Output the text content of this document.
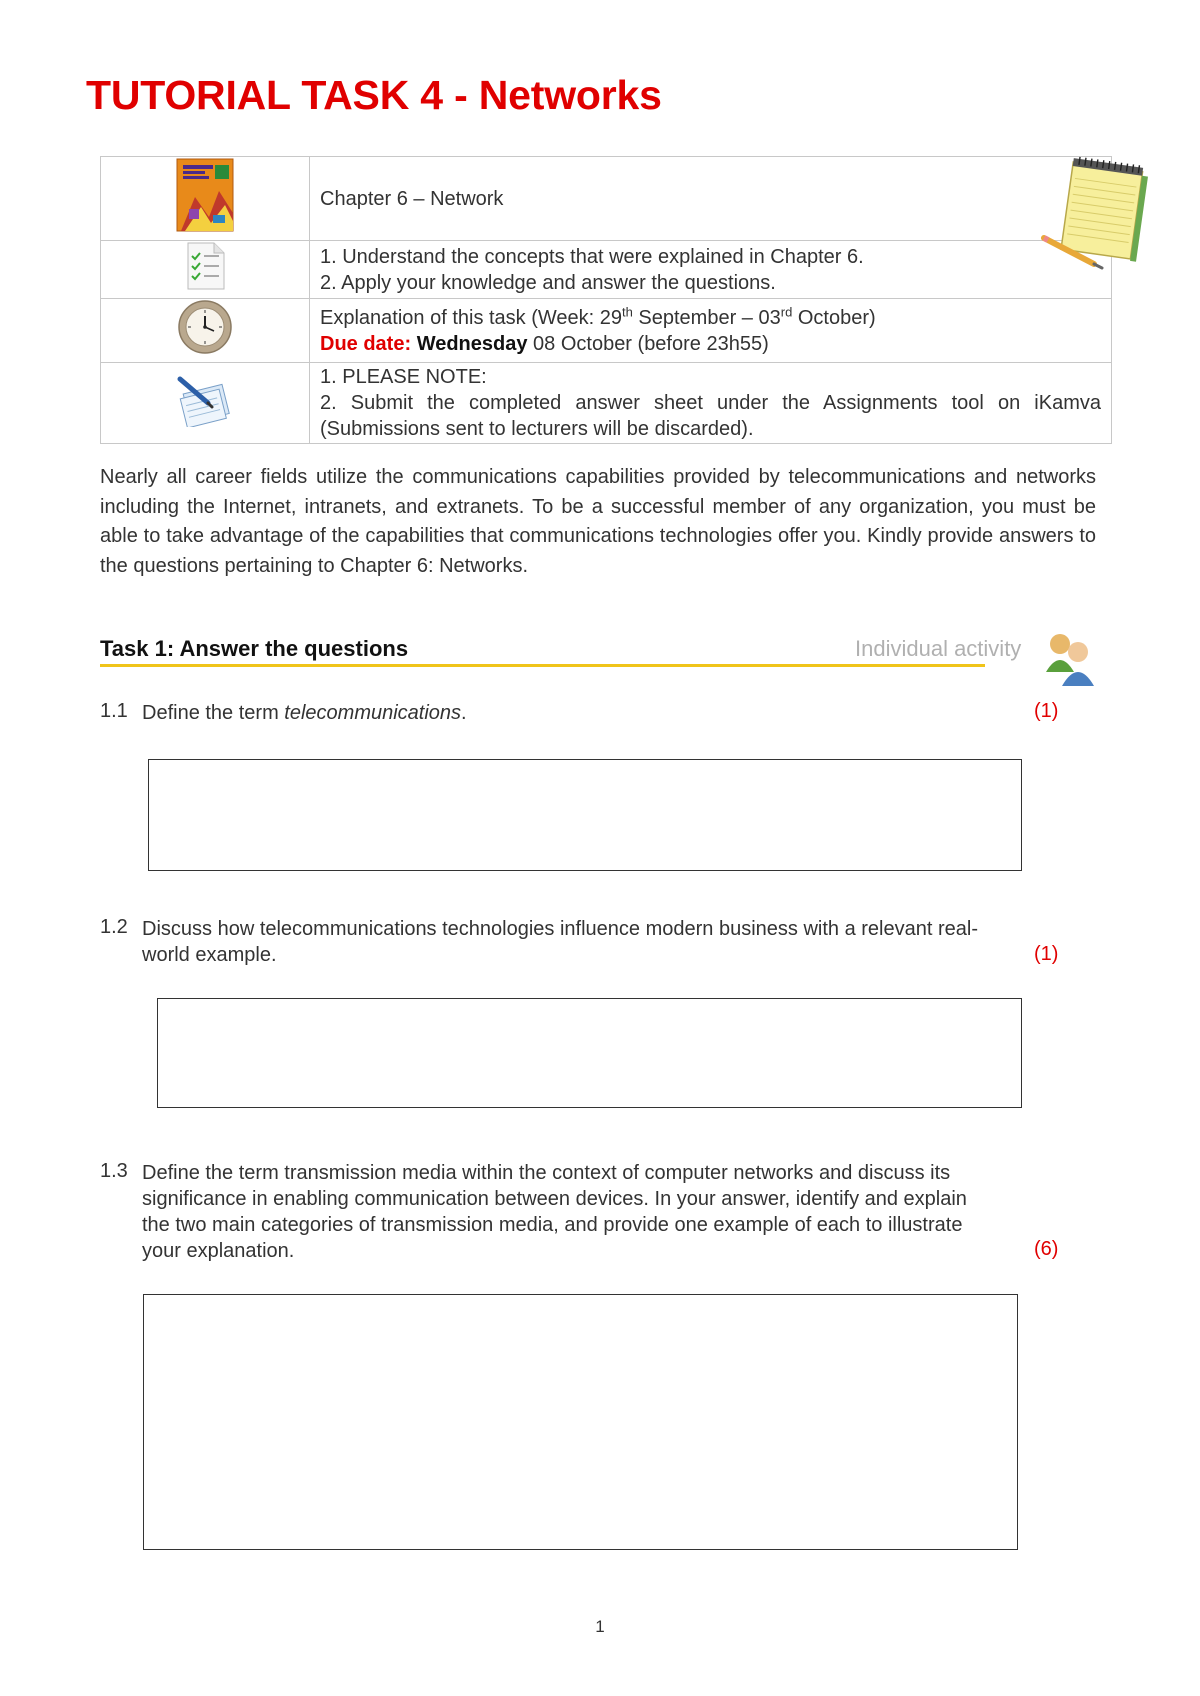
TUTORIAL TASK 4 - Networks
	Chapter 6 – Network

1. Understand the concepts that were explained in Chapter 6.
2. Apply your knowledge and answer the questions.

Explanation of this task (Week: 29th September – 03rd October)
Due date: Wednesday 08 October (before 23h55)

1. PLEASE NOTE:
2. Submit the completed answer sheet under the Assignments tool on iKamva (Submissions sent to lecturers will be discarded).

Nearly all career fields utilize the communications capabilities provided by telecommunications and networks including the Internet, intranets, and extranets. To be a successful member of any organization, you must be able to take advantage of the capabilities that communications technologies offer you. Kindly provide answers to the questions pertaining to Chapter 6: Networks.

Task 1: Answer the questions	Individual activity
1.1 Define the term telecommunications.	(1)
1.2 Discuss how telecommunications technologies influence modern business with a relevant real-

world example.	(1)
1.3 Define the term transmission media within the context of computer networks and discuss its

significance in enabling communication between devices. In your answer, identify and explain

the two main categories of transmission media, and provide one example of each to illustrate

your explanation.	(6)
1
